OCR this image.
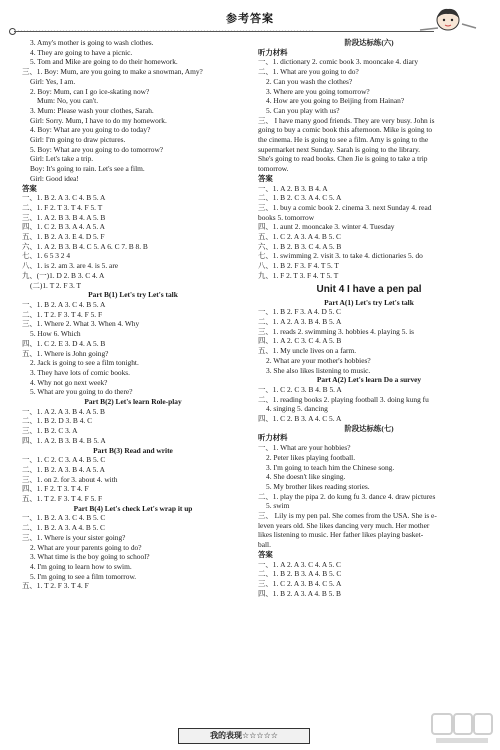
参考答案
3. Amy's mother is going to wash clothes.
4. They are going to have a picnic.
5. Tom and Mike are going to do their homework.
三、1. Boy: Mum, are you going to make a snowman, Amy?
Girl: Yes, I am.
2. Boy: Mum, can I go ice-skating now?
Mum: No, you can't.
3. Mum: Please wash your clothes, Sarah.
Girl: Sorry. Mum, I have to do my homework.
4. Boy: What are you going to do today?
Girl: I'm going to draw pictures.
5. Boy: What are you going to do tomorrow?
Girl: Let's take a trip.
Boy: It's going to rain. Let's see a film.
Girl: Good idea!
答案
一、1. B 2. A 3. C 4. B 5. A
二、1. F 2. T 3. T 4. F 5. T
三、1. A 2. B 3. B 4. A 5. B
四、1. C 2. B 3. A 4. A 5. A
五、1. B 2. A 3. E 4. D 5. F
六、1. A 2. B 3. B 4. C 5. A 6. C 7. B 8. B
七、1. 6 5 3 2 4
八、1. is 2. am 3. are 4. is 5. are
九、(一)1. D 2. B 3. C 4. A
(二)1. T 2. F 3. T
Part B(1) Let's try Let's talk
一、1. B 2. A 3. C 4. B 5. A
二、1. T 2. F 3. T 4. F 5. F
三、1. Where 2. What 3. When 4. Why
5. How 6. Which
四、1. C 2. E 3. D 4. A 5. B
五、1. Where is John going?
2. Jack is going to see a film tonight.
3. They have lots of comic books.
4. Why not go next week?
5. What are you going to do there?
Part B(2) Let's learn Role-play
一、1. A 2. A 3. B 4. A 5. B
二、1. B 2. D 3. B 4. C
三、1. B 2. C 3. A
四、1. A 2. B 3. B 4. B 5. A
Part B(3) Read and write
一、1. C 2. C 3. A 4. B 5. C
二、1. B 2. A 3. B 4. A 5. A
三、1. on 2. for 3. about 4. with
四、1. F 2. T 3. T 4. F
五、1. T 2. F 3. T 4. F 5. F
Part B(4) Let's check Let's wrap it up
一、1. B 2. A 3. C 4. B 5. C
二、1. B 2. A 3. A 4. B 5. C
三、1. Where is your sister going?
2. What are your parents going to do?
3. What time is the boy going to school?
4. I'm going to learn how to swim.
5. I'm going to see a film tomorrow.
五、1. T 2. F 3. T 4. F
阶段达标练(六)
听力材料
一、1. dictionary 2. comic book 3. mooncake 4. diary
二、1. What are you going to do?
2. Can you wash the clothes?
3. Where are you going tomorrow?
4. How are you going to Beijing from Hainan?
5. Can you play with us?
三、 I have many good friends. They are very busy. John is
going to buy a comic book this afternoon. Mike is going to
the cinema. He is going to see a film. Amy is going to the
supermarket next Sunday. Sarah is going to the library.
She's going to read books. Chen Jie is going to take a trip
tomorrow.
答案
一、1. A 2. B 3. B 4. A
二、1. B 2. C 3. A 4. C 5. A
三、1. buy a comic book 2. cinema 3. next Sunday 4. read
books 5. tomorrow
四、1. aunt 2. mooncake 3. winter 4. Tuesday
五、1. C 2. A 3. A 4. B 5. C
六、1. B 2. B 3. C 4. A 5. B
七、1. swimming 2. visit 3. to take 4. dictionaries 5. do
八、1. B 2. F 3. F 4. T 5. T
九、1. F 2. T 3. F 4. T 5. T
Unit 4 I have a pen pal
Part A(1) Let's try Let's talk
一、1. B 2. F 3. A 4. D 5. C
二、1. A 2. A 3. B 4. B 5. A
三、1. reads 2. swimming 3. hobbies 4. playing 5. is
四、1. A 2. C 3. C 4. A 5. B
五、1. My uncle lives on a farm.
2. What are your mother's hobbies?
3. She also likes listening to music.
Part A(2) Let's learn Do a survey
一、1. C 2. C 3. B 4. B 5. A
二、1. reading books 2. playing football 3. doing kung fu
4. singing 5. dancing
四、1. C 2. B 3. A 4. C 5. A
阶段达标练(七)
听力材料
一、1. What are your hobbies?
2. Peter likes playing football.
3. I'm going to teach him the Chinese song.
4. She doesn't like singing.
5. My brother likes reading stories.
二、1. play the pipa 2. do kung fu 3. dance 4. draw pictures
5. swim
三、 Lily is my pen pal. She comes from the USA. She is e-
leven years old. She likes dancing very much. Her mother
likes listening to music. Her father likes playing basket-
ball.
答案
一、1. A 2. A 3. C 4. A 5. C
二、1. B 2. B 3. A 4. B 5. C
三、1. C 2. A 3. B 4. C 5. A
四、1. B 2. A 3. A 4. B 5. B
我的表现☆☆☆☆☆
